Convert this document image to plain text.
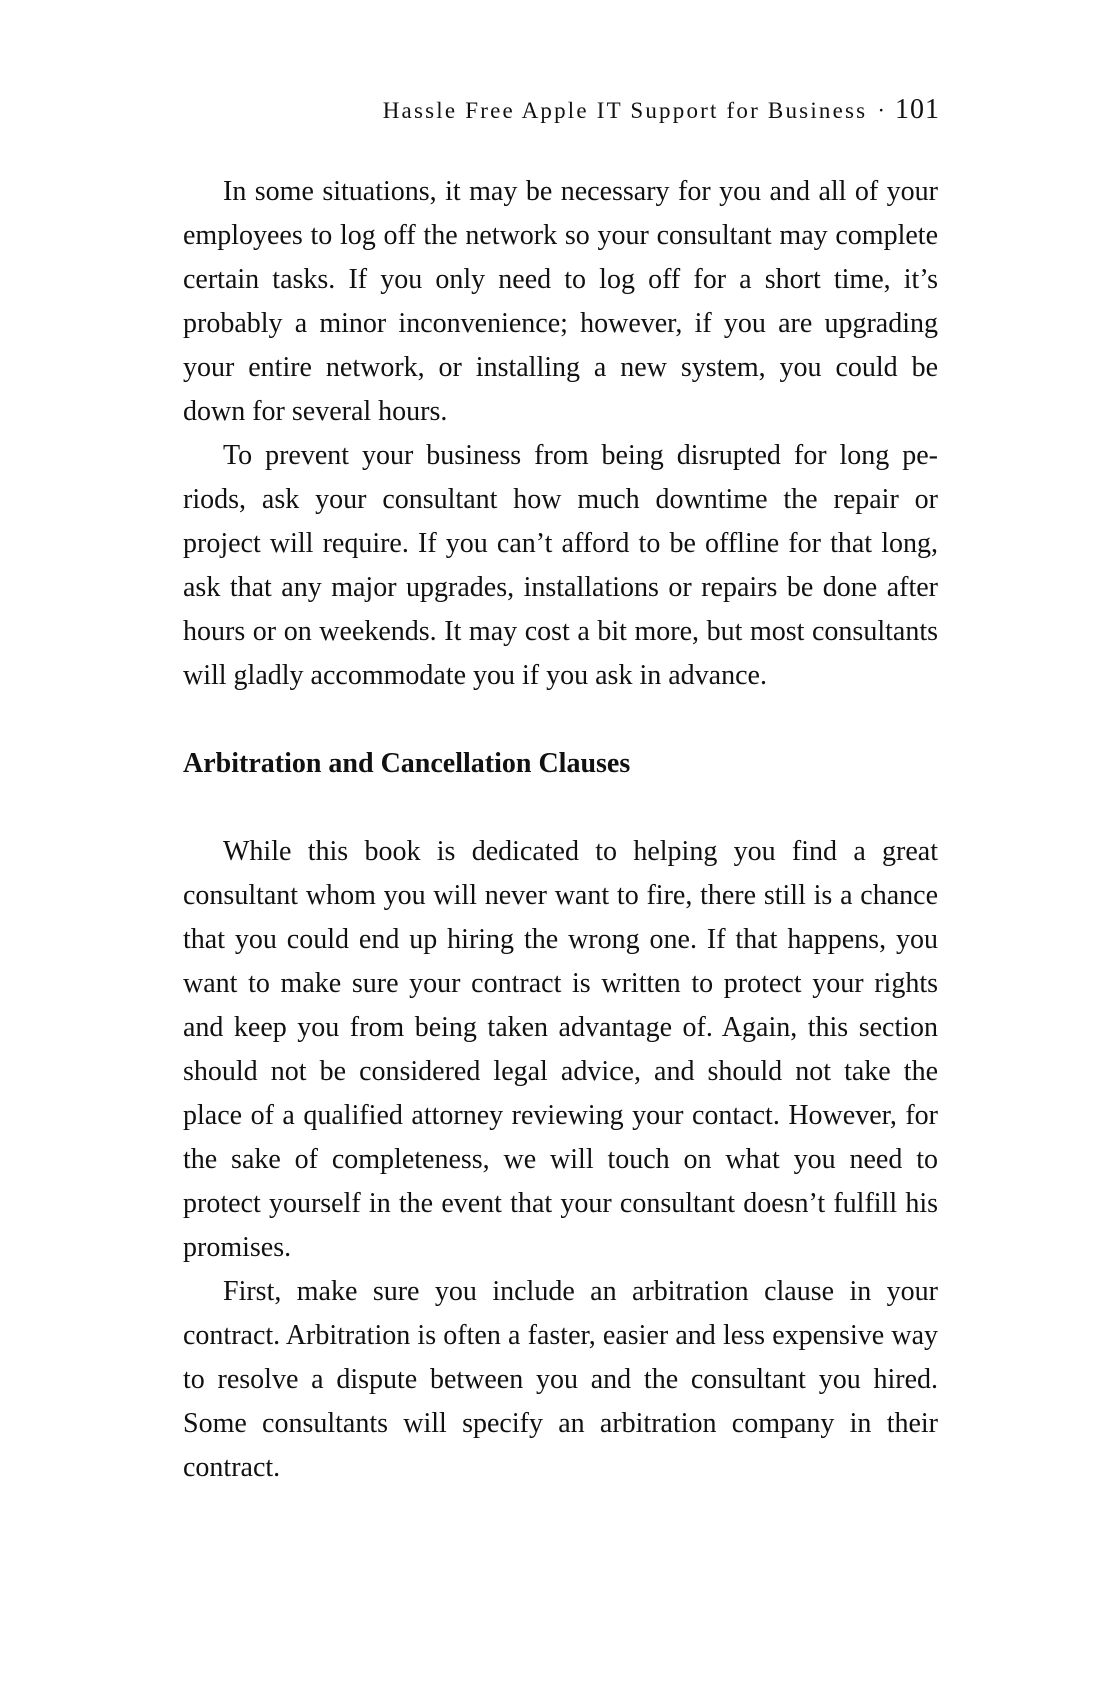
Hassle Free Apple IT Support for Business · 101

In some situations, it may be necessary for you and all of your employees to log off the network so your consultant may complete certain tasks. If you only need to log off for a short time, it’s probably a minor inconvenience; however, if you are upgrading your entire network, or installing a new system, you could be down for several hours.

To prevent your business from being disrupted for long periods, ask your consultant how much downtime the repair or project will require. If you can’t afford to be offline for that long, ask that any major upgrades, installations or repairs be done after hours or on weekends. It may cost a bit more, but most consultants will gladly accommodate you if you ask in advance.

Arbitration and Cancellation Clauses

While this book is dedicated to helping you find a great consultant whom you will never want to fire, there still is a chance that you could end up hiring the wrong one. If that happens, you want to make sure your contract is written to protect your rights and keep you from being taken advantage of. Again, this section should not be considered legal advice, and should not take the place of a qualified attorney reviewing your contact. However, for the sake of completeness, we will touch on what you need to protect yourself in the event that your consultant doesn’t fulfill his promises.

First, make sure you include an arbitration clause in your contract. Arbitration is often a faster, easier and less expensive way to resolve a dispute between you and the consultant you hired. Some consultants will specify an arbitration company in their contract.
